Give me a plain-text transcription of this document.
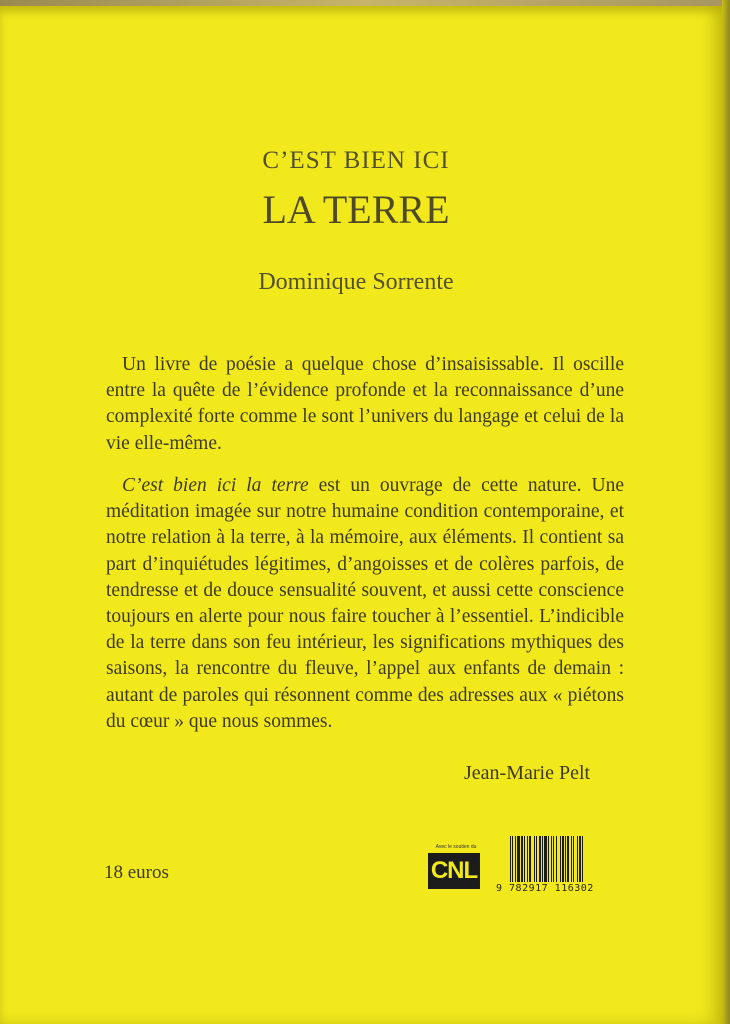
C’EST BIEN ICI
LA TERRE
Dominique Sorrente
Un livre de poésie a quelque chose d’insaisissable. Il oscille entre la quête de l’évidence profonde et la reconnaissance d’une complexité forte comme le sont l’univers du langage et celui de la vie elle-même.
C’est bien ici la terre est un ouvrage de cette nature. Une méditation imagée sur notre humaine condition contemporaine, et notre relation à la terre, à la mémoire, aux éléments. Il contient sa part d’inquiétudes légitimes, d’angoisses et de colères parfois, de tendresse et de douce sensualité souvent, et aussi cette conscience toujours en alerte pour nous faire toucher à l’essentiel. L’indicible de la terre dans son feu intérieur, les significations mythiques des saisons, la rencontre du fleuve, l’appel aux enfants de demain : autant de paroles qui résonnent comme des adresses aux « piétons du cœur » que nous sommes.
Jean-Marie Pelt
18 euros
Avec le soutien du
CNL
9 782917 116302
